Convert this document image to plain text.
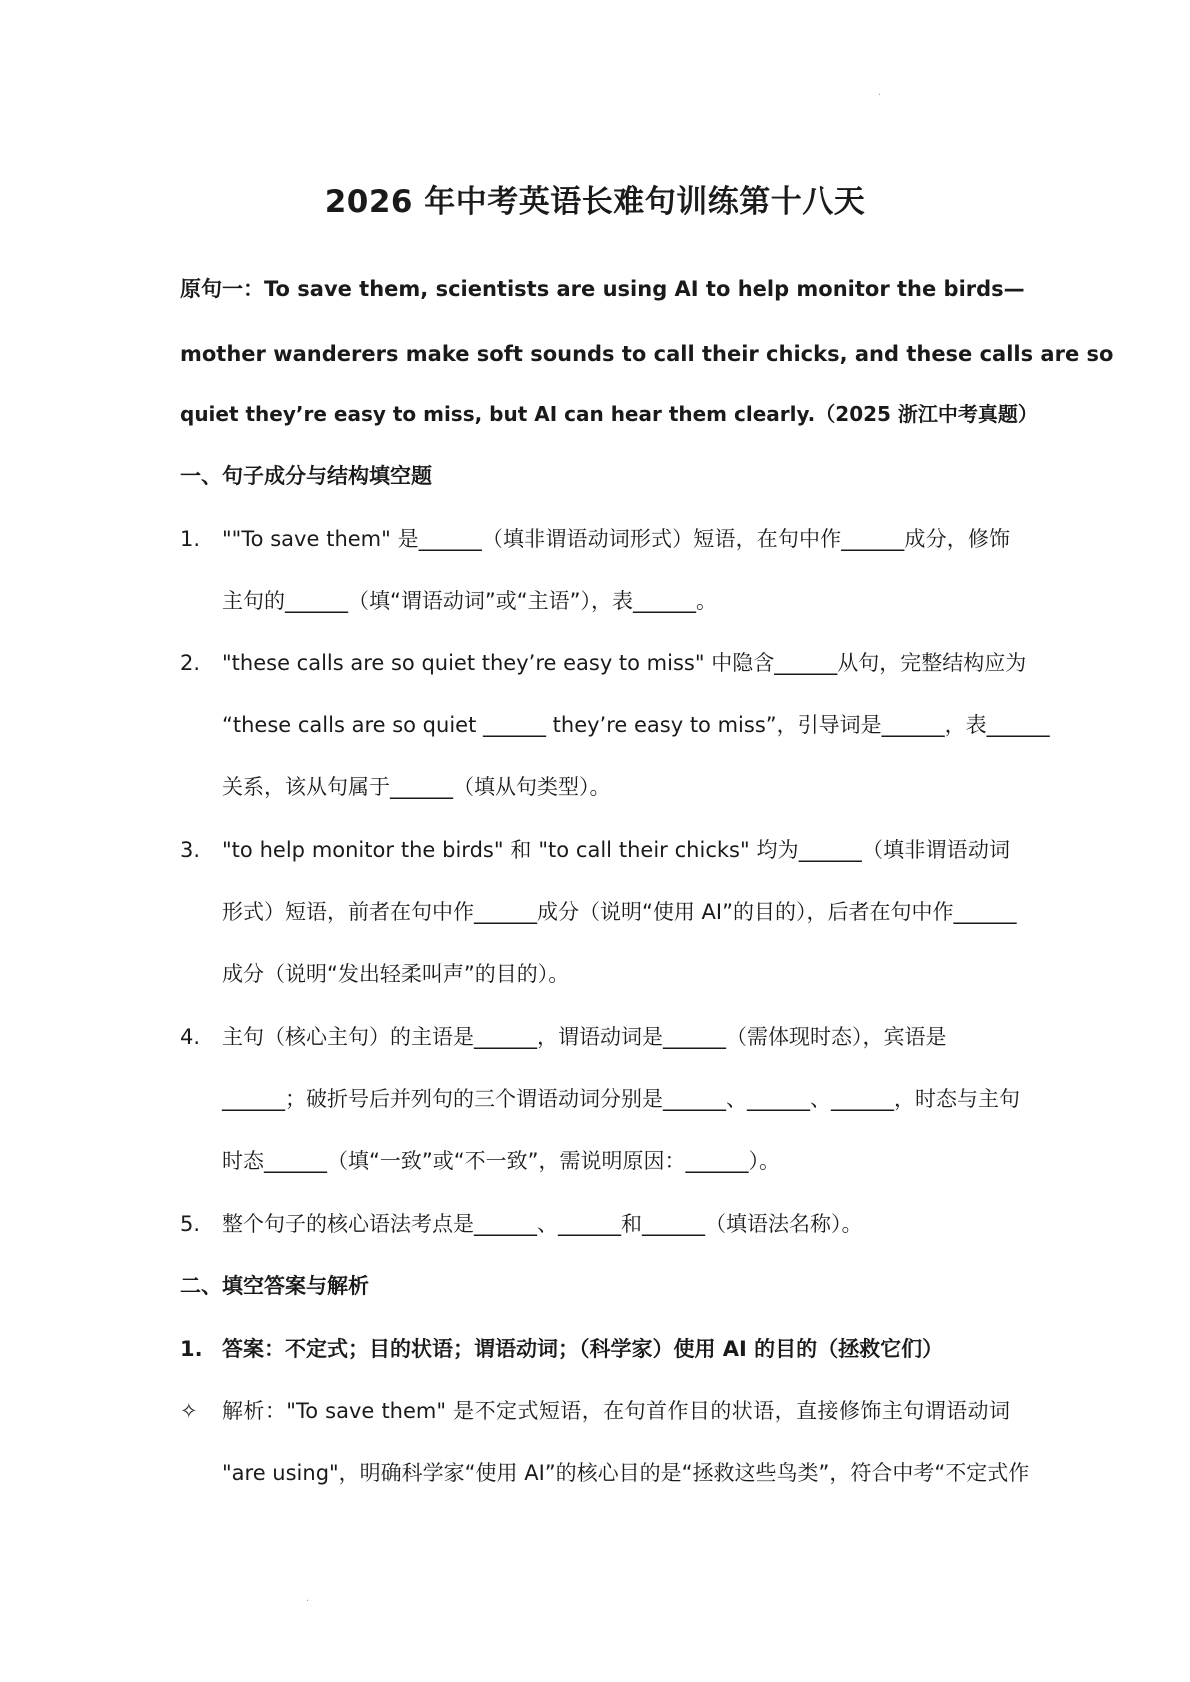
·
·
2026 年中考英语长难句训练第十八天
原句一：To save them, scientists are using AI to help monitor the birds—
mother wanderers make soft sounds to call their chicks, and these calls are so
quiet they’re easy to miss, but AI can hear them clearly.（2025 浙江中考真题）
一、句子成分与结构填空题
1. ""To save them" 是______（填非谓语动词形式）短语，在句中作______成分，修饰
主句的______（填“谓语动词”或“主语”），表______。
2. "these calls are so quiet they’re easy to miss" 中隐含______从句，完整结构应为
“these calls are so quiet ______ they’re easy to miss”，引导词是______，表______
关系，该从句属于______（填从句类型）。
3. "to help monitor the birds" 和 "to call their chicks" 均为______（填非谓语动词
形式）短语，前者在句中作______成分（说明“使用 AI”的目的），后者在句中作______
成分（说明“发出轻柔叫声”的目的）。
4. 主句（核心主句）的主语是______，谓语动词是______（需体现时态），宾语是
______；破折号后并列句的三个谓语动词分别是______、______、______，时态与主句
时态______（填“一致”或“不一致”，需说明原因：______）。
5. 整个句子的核心语法考点是______、______和______（填语法名称）。
二、填空答案与解析
1. 答案：不定式；目的状语；谓语动词；（科学家）使用 AI 的目的（拯救它们）
✧ 解析："To save them" 是不定式短语，在句首作目的状语，直接修饰主句谓语动词
"are using"，明确科学家“使用 AI”的核心目的是“拯救这些鸟类”，符合中考“不定式作
